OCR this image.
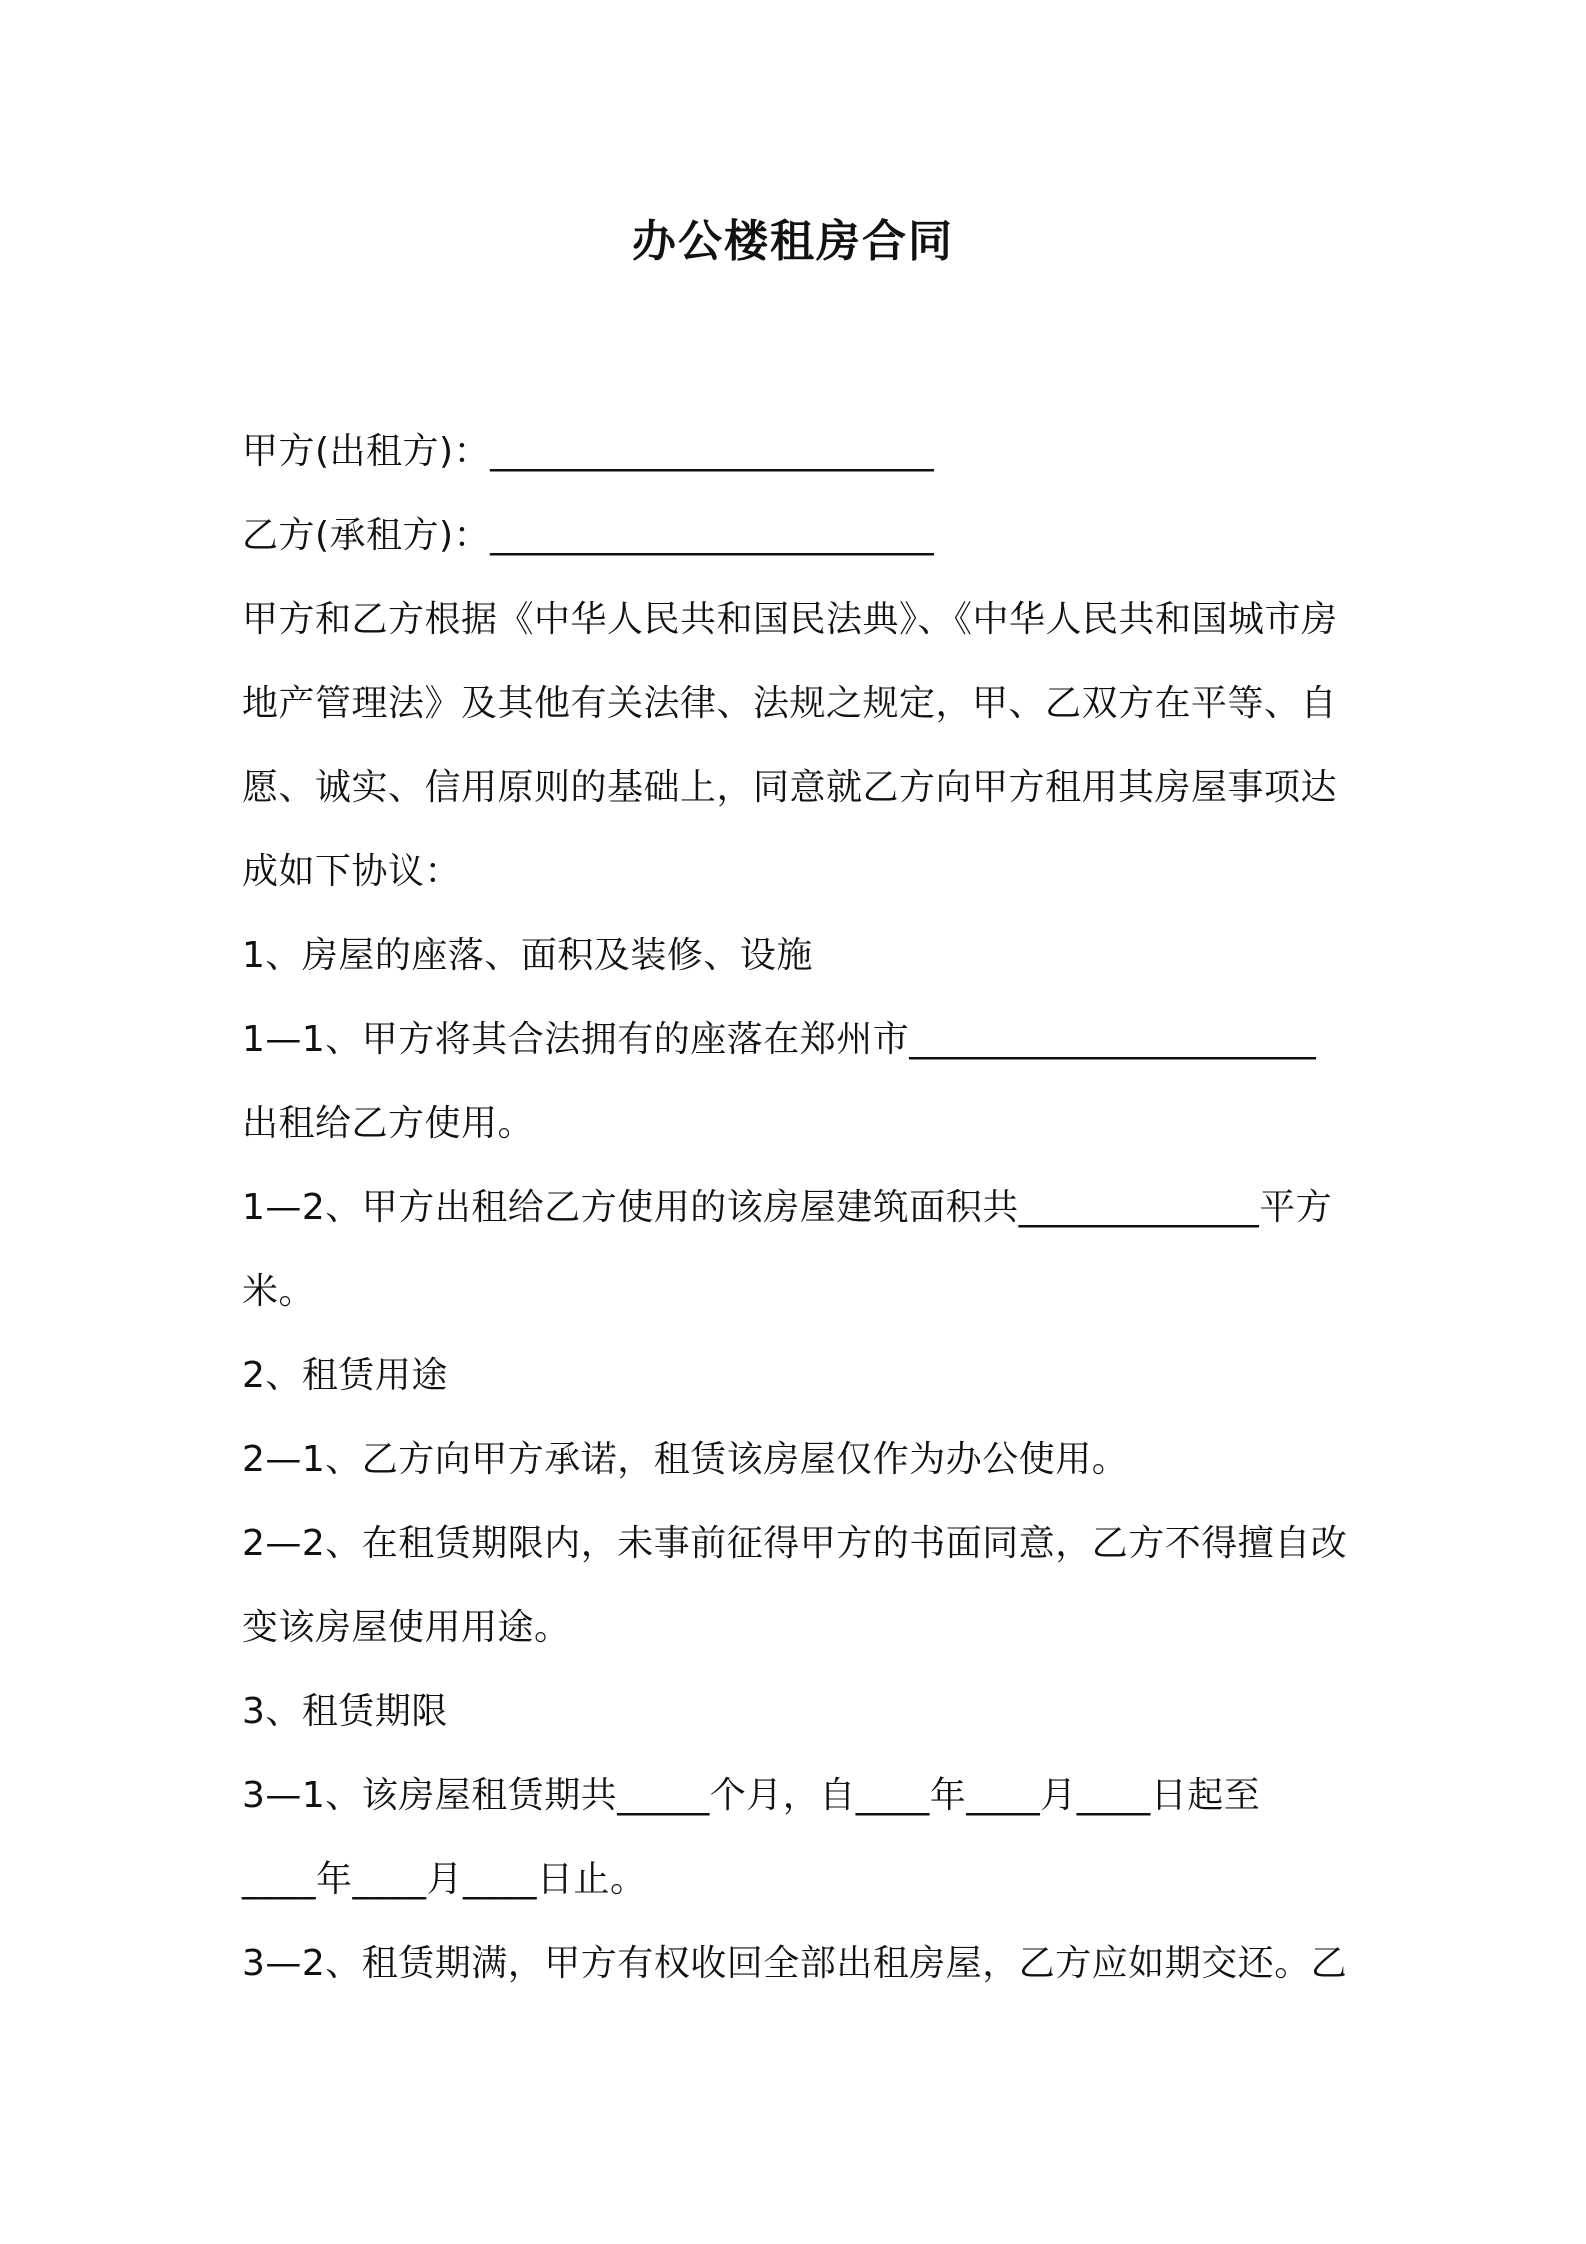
办公楼租房合同
甲方(出租方)：________________________
乙方(承租方)：________________________
甲方和乙方根据《中华人民共和国民法典》、《中华人民共和国城市房
地产管理法》及其他有关法律、法规之规定，甲、乙双方在平等、自
愿、诚实、信用原则的基础上，同意就乙方向甲方租用其房屋事项达
成如下协议：
1、房屋的座落、面积及装修、设施
1—1、甲方将其合法拥有的座落在郑州市______________________
出租给乙方使用。
1—2、甲方出租给乙方使用的该房屋建筑面积共_____________平方
米。
2、租赁用途
2—1、乙方向甲方承诺，租赁该房屋仅作为办公使用。
2—2、在租赁期限内，未事前征得甲方的书面同意，乙方不得擅自改
变该房屋使用用途。
3、租赁期限
3—1、该房屋租赁期共_____个月，自____年____月____日起至
____年____月____日止。
3—2、租赁期满，甲方有权收回全部出租房屋，乙方应如期交还。乙
